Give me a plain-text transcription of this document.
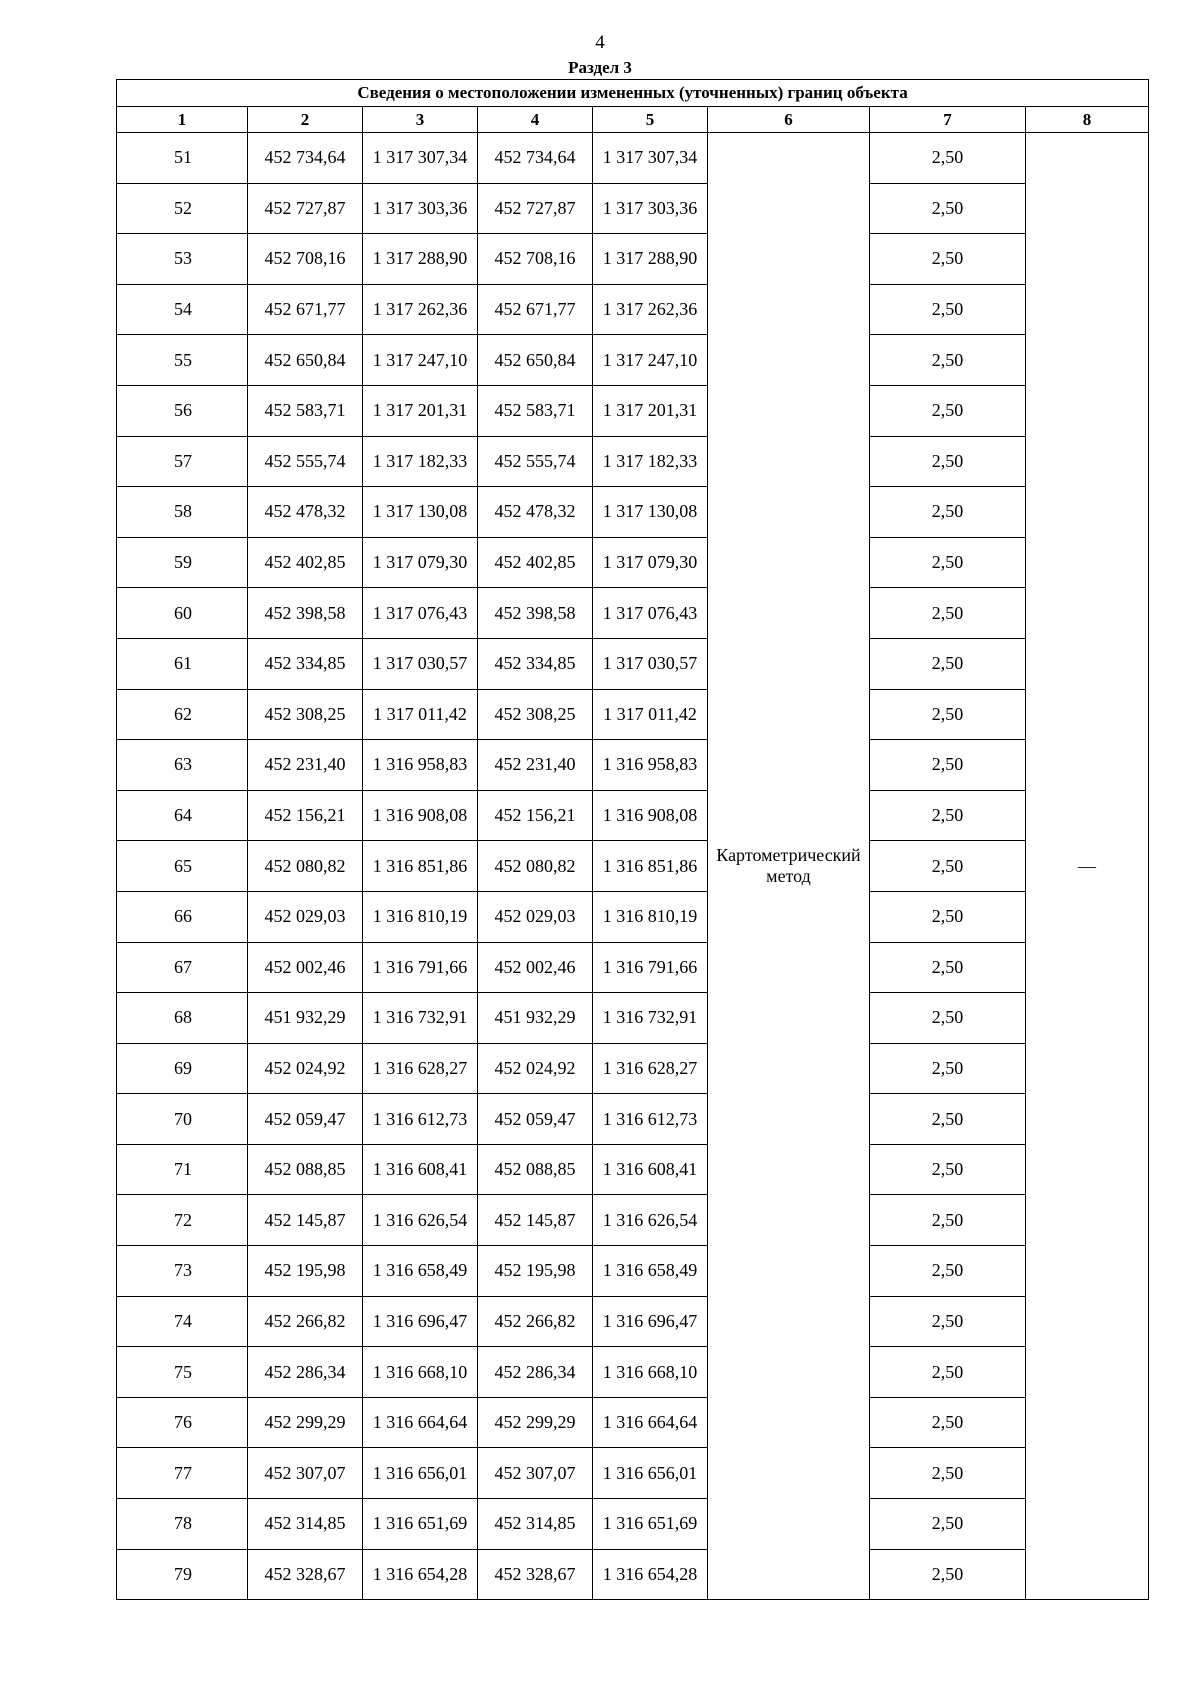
4
Раздел 3
Сведения о местоположении измененных (уточненных) границ объекта							
1	2	3	4	5	6	7	8
51	452 734,64	1 317 307,34	452 734,64	1 317 307,34	Картометрический метод	2,50	—
52	452 727,87	1 317 303,36	452 727,87	1 317 303,36		2,50	
53	452 708,16	1 317 288,90	452 708,16	1 317 288,90		2,50	
54	452 671,77	1 317 262,36	452 671,77	1 317 262,36		2,50	
55	452 650,84	1 317 247,10	452 650,84	1 317 247,10		2,50	
56	452 583,71	1 317 201,31	452 583,71	1 317 201,31		2,50	
57	452 555,74	1 317 182,33	452 555,74	1 317 182,33		2,50	
58	452 478,32	1 317 130,08	452 478,32	1 317 130,08		2,50	
59	452 402,85	1 317 079,30	452 402,85	1 317 079,30		2,50	
60	452 398,58	1 317 076,43	452 398,58	1 317 076,43		2,50	
61	452 334,85	1 317 030,57	452 334,85	1 317 030,57		2,50	
62	452 308,25	1 317 011,42	452 308,25	1 317 011,42		2,50	
63	452 231,40	1 316 958,83	452 231,40	1 316 958,83		2,50	
64	452 156,21	1 316 908,08	452 156,21	1 316 908,08		2,50	
65	452 080,82	1 316 851,86	452 080,82	1 316 851,86		2,50	
66	452 029,03	1 316 810,19	452 029,03	1 316 810,19		2,50	
67	452 002,46	1 316 791,66	452 002,46	1 316 791,66		2,50	
68	451 932,29	1 316 732,91	451 932,29	1 316 732,91		2,50	
69	452 024,92	1 316 628,27	452 024,92	1 316 628,27		2,50	
70	452 059,47	1 316 612,73	452 059,47	1 316 612,73		2,50	
71	452 088,85	1 316 608,41	452 088,85	1 316 608,41		2,50	
72	452 145,87	1 316 626,54	452 145,87	1 316 626,54		2,50	
73	452 195,98	1 316 658,49	452 195,98	1 316 658,49		2,50	
74	452 266,82	1 316 696,47	452 266,82	1 316 696,47		2,50	
75	452 286,34	1 316 668,10	452 286,34	1 316 668,10		2,50	
76	452 299,29	1 316 664,64	452 299,29	1 316 664,64		2,50	
77	452 307,07	1 316 656,01	452 307,07	1 316 656,01		2,50	
78	452 314,85	1 316 651,69	452 314,85	1 316 651,69		2,50	
79	452 328,67	1 316 654,28	452 328,67	1 316 654,28		2,50	
